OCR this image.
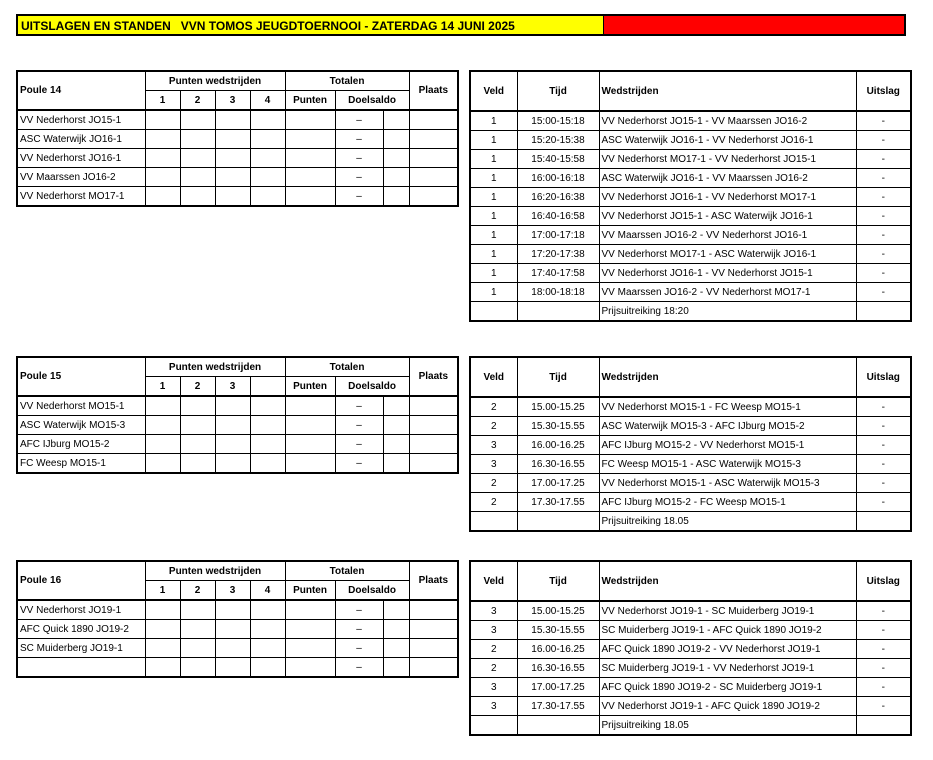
UITSLAGEN EN STANDEN   VVN TOMOS JEUGDTOERNOOI - ZATERDAG 14 JUNI 2025
Poule 14	Punten wedstrijden				Totalen			Plaats
	1	2	3	4	Punten	Doelsaldo		
VV Nederhorst JO15-1						–		
ASC Waterwijk JO16-1						–		
VV Nederhorst JO16-1						–		
VV Maarssen JO16-2						–		
VV Nederhorst MO17-1						–		
Veld	Tijd	Wedstrijden	Uitslag
1	15:00-15:18	VV Nederhorst JO15-1 - VV Maarssen JO16-2	-
1	15:20-15:38	ASC Waterwijk JO16-1 - VV Nederhorst JO16-1	-
1	15:40-15:58	VV Nederhorst MO17-1 - VV Nederhorst JO15-1	-
1	16:00-16:18	ASC Waterwijk JO16-1 - VV Maarssen JO16-2	-
1	16:20-16:38	VV Nederhorst JO16-1 - VV Nederhorst MO17-1	-
1	16:40-16:58	VV Nederhorst JO15-1 - ASC Waterwijk JO16-1	-
1	17:00-17:18	VV Maarssen JO16-2 - VV Nederhorst JO16-1	-
1	17:20-17:38	VV Nederhorst MO17-1 - ASC Waterwijk JO16-1	-
1	17:40-17:58	VV Nederhorst JO16-1 - VV Nederhorst JO15-1	-
1	18:00-18:18	VV Maarssen JO16-2 - VV Nederhorst MO17-1	-
		Prijsuitreiking 18:20	
Poule 15	Punten wedstrijden				Totalen			Plaats
	1	2	3		Punten	Doelsaldo		
VV Nederhorst MO15-1						–		
ASC Waterwijk MO15-3						–		
AFC IJburg MO15-2						–		
FC Weesp MO15-1						–		
Veld	Tijd	Wedstrijden	Uitslag
2	15.00-15.25	VV Nederhorst MO15-1 - FC Weesp MO15-1	-
2	15.30-15.55	ASC Waterwijk MO15-3 - AFC IJburg MO15-2	-
3	16.00-16.25	AFC IJburg MO15-2 - VV Nederhorst MO15-1	-
3	16.30-16.55	FC Weesp MO15-1 - ASC Waterwijk MO15-3	-
2	17.00-17.25	VV Nederhorst MO15-1 - ASC Waterwijk MO15-3	-
2	17.30-17.55	AFC IJburg MO15-2 - FC Weesp MO15-1	-
		Prijsuitreiking 18.05	
Poule 16	Punten wedstrijden				Totalen			Plaats
	1	2	3	4	Punten	Doelsaldo		
VV Nederhorst JO19-1						–		
AFC Quick 1890 JO19-2						–		
SC Muiderberg JO19-1						–		
						–		
Veld	Tijd	Wedstrijden	Uitslag
3	15.00-15.25	VV Nederhorst JO19-1 - SC Muiderberg JO19-1	-
3	15.30-15.55	SC Muiderberg JO19-1 - AFC Quick 1890 JO19-2	-
2	16.00-16.25	AFC Quick 1890 JO19-2 - VV Nederhorst JO19-1	-
2	16.30-16.55	SC Muiderberg JO19-1 - VV Nederhorst JO19-1	-
3	17.00-17.25	AFC Quick 1890 JO19-2 - SC Muiderberg JO19-1	-
3	17.30-17.55	VV Nederhorst JO19-1 - AFC Quick 1890 JO19-2	-
		Prijsuitreiking 18.05	
